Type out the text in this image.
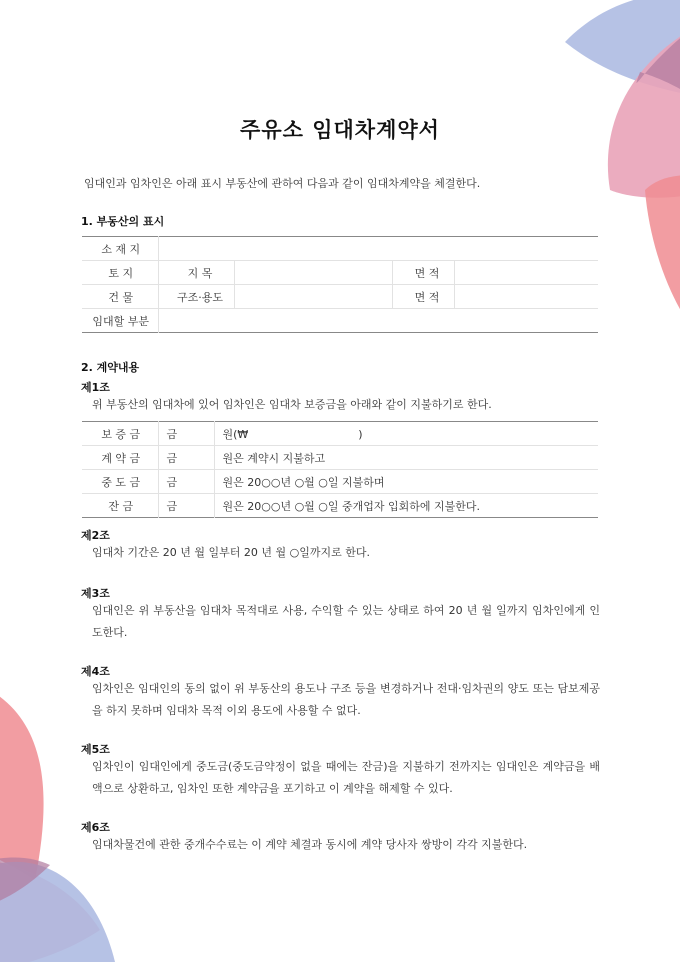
주유소 임대차계약서
임대인과 임차인은 아래 표시 부동산에 관하여 다음과 같이 임대차계약을 체결한다.
1. 부동산의 표시
소 재 지				
토 지	지 목		면 적	
건 물	구조·용도		면 적	
임대할 부분				
2. 계약내용
제1조
위 부동산의 임대차에 있어 임차인은 임대차 보증금을 아래와 같이 지불하기로 한다.
보 증 금	금	원(₩　　　　　　　　　　)
계 약 금	금	원은 계약시 지불하고
중 도 금	금	원은 20○○년 ○월 ○일 지불하며
잔 금	금	원은 20○○년 ○월 ○일 중개업자 입회하에 지불한다.
제2조
임대차 기간은 20 년 월 일부터 20 년 월 ○일까지로 한다.
제3조
임대인은 위 부동산을 임대차 목적대로 사용, 수익할 수 있는 상태로 하여 20 년 월 일까지 임차인에게 인도한다.
제4조
임차인은 임대인의 동의 없이 위 부동산의 용도나 구조 등을 변경하거나 전대·임차권의 양도 또는 담보제공을 하지 못하며 임대차 목적 이외 용도에 사용할 수 없다.
제5조
임차인이 임대인에게 중도금(중도금약정이 없을 때에는 잔금)을 지불하기 전까지는 임대인은 계약금을 배액으로 상환하고, 임차인 또한 계약금을 포기하고 이 계약을 해제할 수 있다.
제6조
임대차물건에 관한 중개수수료는 이 계약 체결과 동시에 계약 당사자 쌍방이 각각 지불한다.
